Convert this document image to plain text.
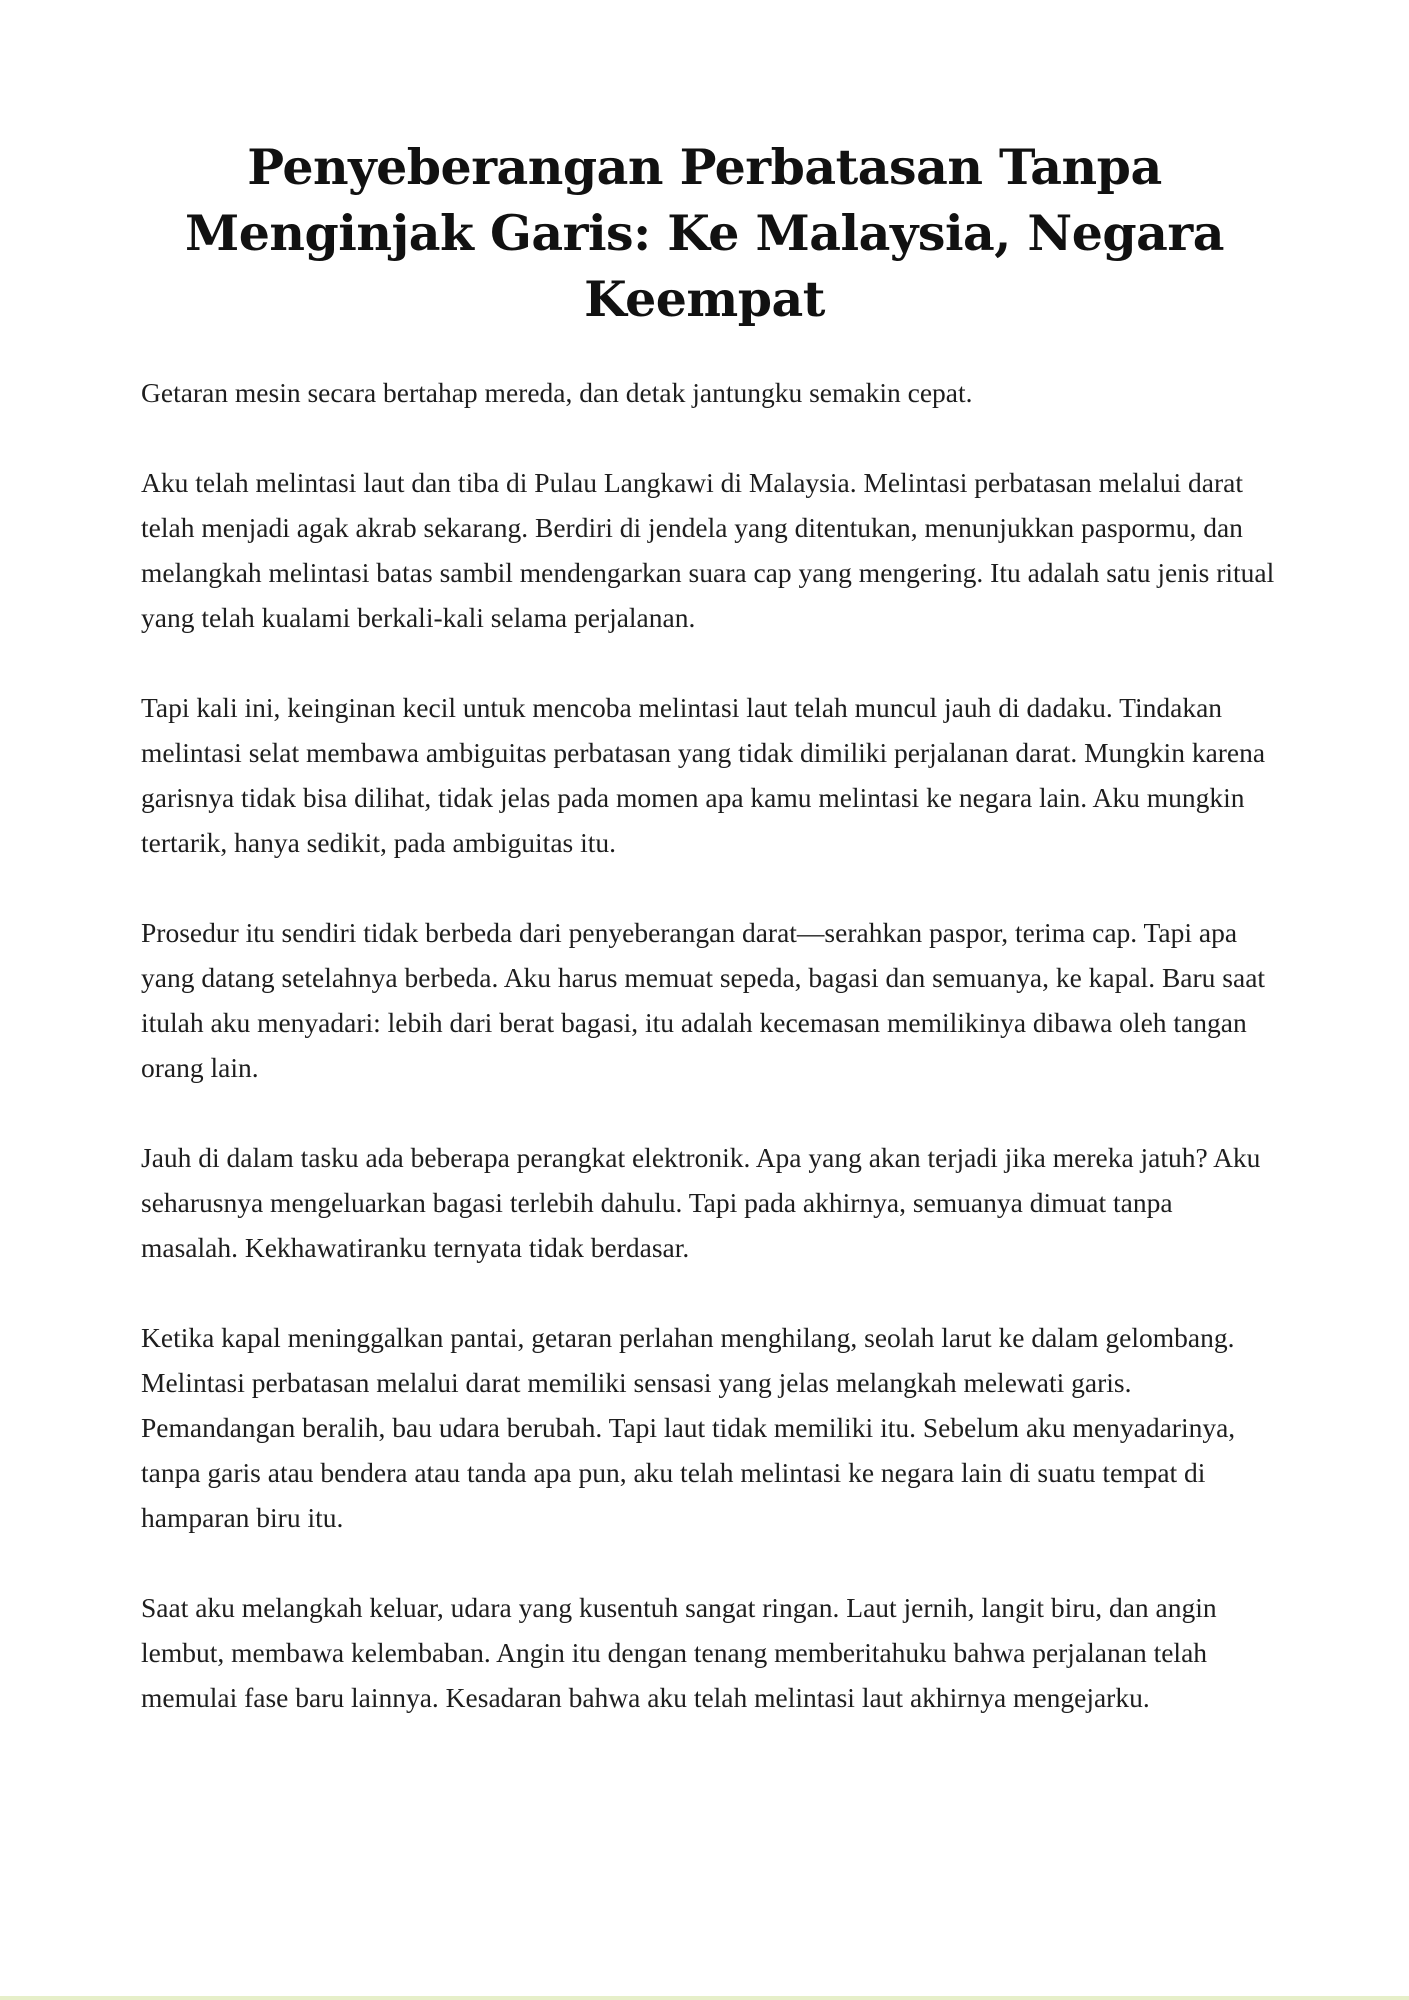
Penyeberangan Perbatasan Tanpa Menginjak Garis: Ke Malaysia, Negara Keempat

Getaran mesin secara bertahap mereda, dan detak jantungku semakin cepat.

Aku telah melintasi laut dan tiba di Pulau Langkawi di Malaysia. Melintasi perbatasan melalui darat telah menjadi agak akrab sekarang. Berdiri di jendela yang ditentukan, menunjukkan paspormu, dan melangkah melintasi batas sambil mendengarkan suara cap yang mengering. Itu adalah satu jenis ritual yang telah kualami berkali-kali selama perjalanan.

Tapi kali ini, keinginan kecil untuk mencoba melintasi laut telah muncul jauh di dadaku. Tindakan melintasi selat membawa ambiguitas perbatasan yang tidak dimiliki perjalanan darat. Mungkin karena garisnya tidak bisa dilihat, tidak jelas pada momen apa kamu melintasi ke negara lain. Aku mungkin tertarik, hanya sedikit, pada ambiguitas itu.

Prosedur itu sendiri tidak berbeda dari penyeberangan darat—serahkan paspor, terima cap. Tapi apa yang datang setelahnya berbeda. Aku harus memuat sepeda, bagasi dan semuanya, ke kapal. Baru saat itulah aku menyadari: lebih dari berat bagasi, itu adalah kecemasan memilikinya dibawa oleh tangan orang lain.

Jauh di dalam tasku ada beberapa perangkat elektronik. Apa yang akan terjadi jika mereka jatuh? Aku seharusnya mengeluarkan bagasi terlebih dahulu. Tapi pada akhirnya, semuanya dimuat tanpa masalah. Kekhawatiranku ternyata tidak berdasar.

Ketika kapal meninggalkan pantai, getaran perlahan menghilang, seolah larut ke dalam gelombang. Melintasi perbatasan melalui darat memiliki sensasi yang jelas melangkah melewati garis. Pemandangan beralih, bau udara berubah. Tapi laut tidak memiliki itu. Sebelum aku menyadarinya, tanpa garis atau bendera atau tanda apa pun, aku telah melintasi ke negara lain di suatu tempat di hamparan biru itu.

Saat aku melangkah keluar, udara yang kusentuh sangat ringan. Laut jernih, langit biru, dan angin lembut, membawa kelembaban. Angin itu dengan tenang memberitahuku bahwa perjalanan telah memulai fase baru lainnya. Kesadaran bahwa aku telah melintasi laut akhirnya mengejarku.
